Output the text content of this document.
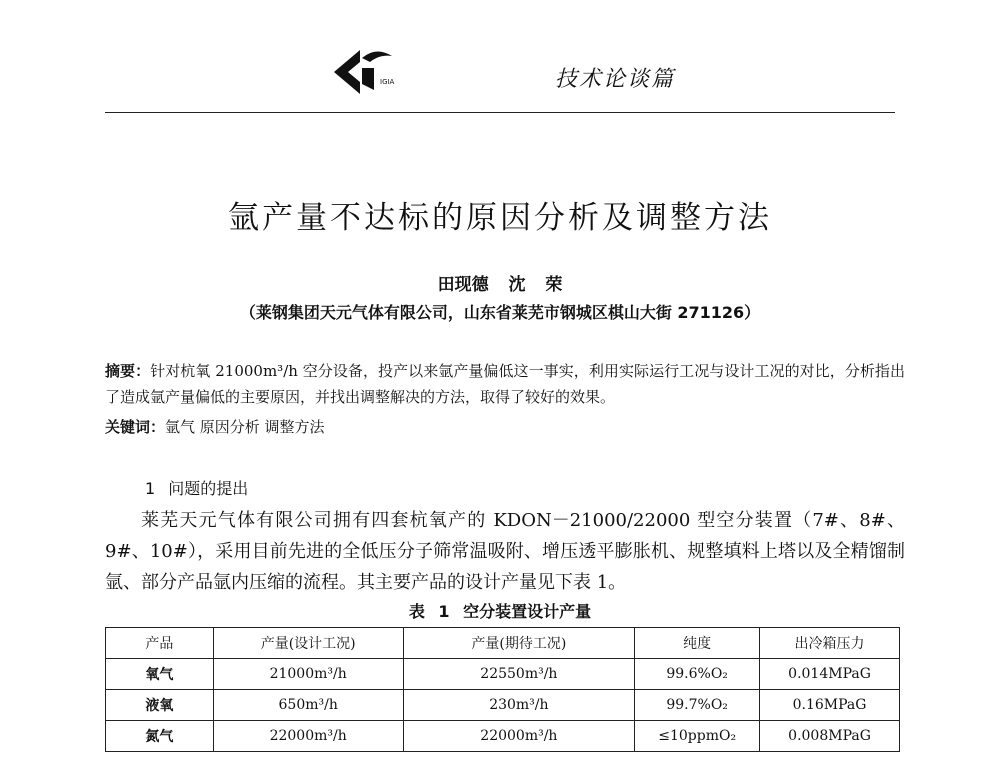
IGIA	技术论谈篇
氩产量不达标的原因分析及调整方法
田现德 沈 荣
（莱钢集团天元气体有限公司，山东省莱芜市钢城区棋山大街 271126）
摘要：针对杭氧 21000m³/h 空分设备，投产以来氩产量偏低这一事实，利用实际运行工况与设计工况的对比，分析指出了造成氩产量偏低的主要原因，并找出调整解决的方法，取得了较好的效果。
关键词：氩气 原因分析 调整方法
1 问题的提出
莱芜天元气体有限公司拥有四套杭氧产的 KDON－21000/22000 型空分装置（7#、8#、9#、10#），采用目前先进的全低压分子筛常温吸附、增压透平膨胀机、规整填料上塔以及全精馏制氩、部分产品氩内压缩的流程。其主要产品的设计产量见下表 1。
表 1 空分装置设计产量
产品	产量(设计工况)	产量(期待工况)	纯度	出冷箱压力
氧气	21000m³/h	22550m³/h	99.6%O₂	0.014MPaG
液氧	650m³/h	230m³/h	99.7%O₂	0.16MPaG
氮气	22000m³/h	22000m³/h	≤10ppmO₂	0.008MPaG
